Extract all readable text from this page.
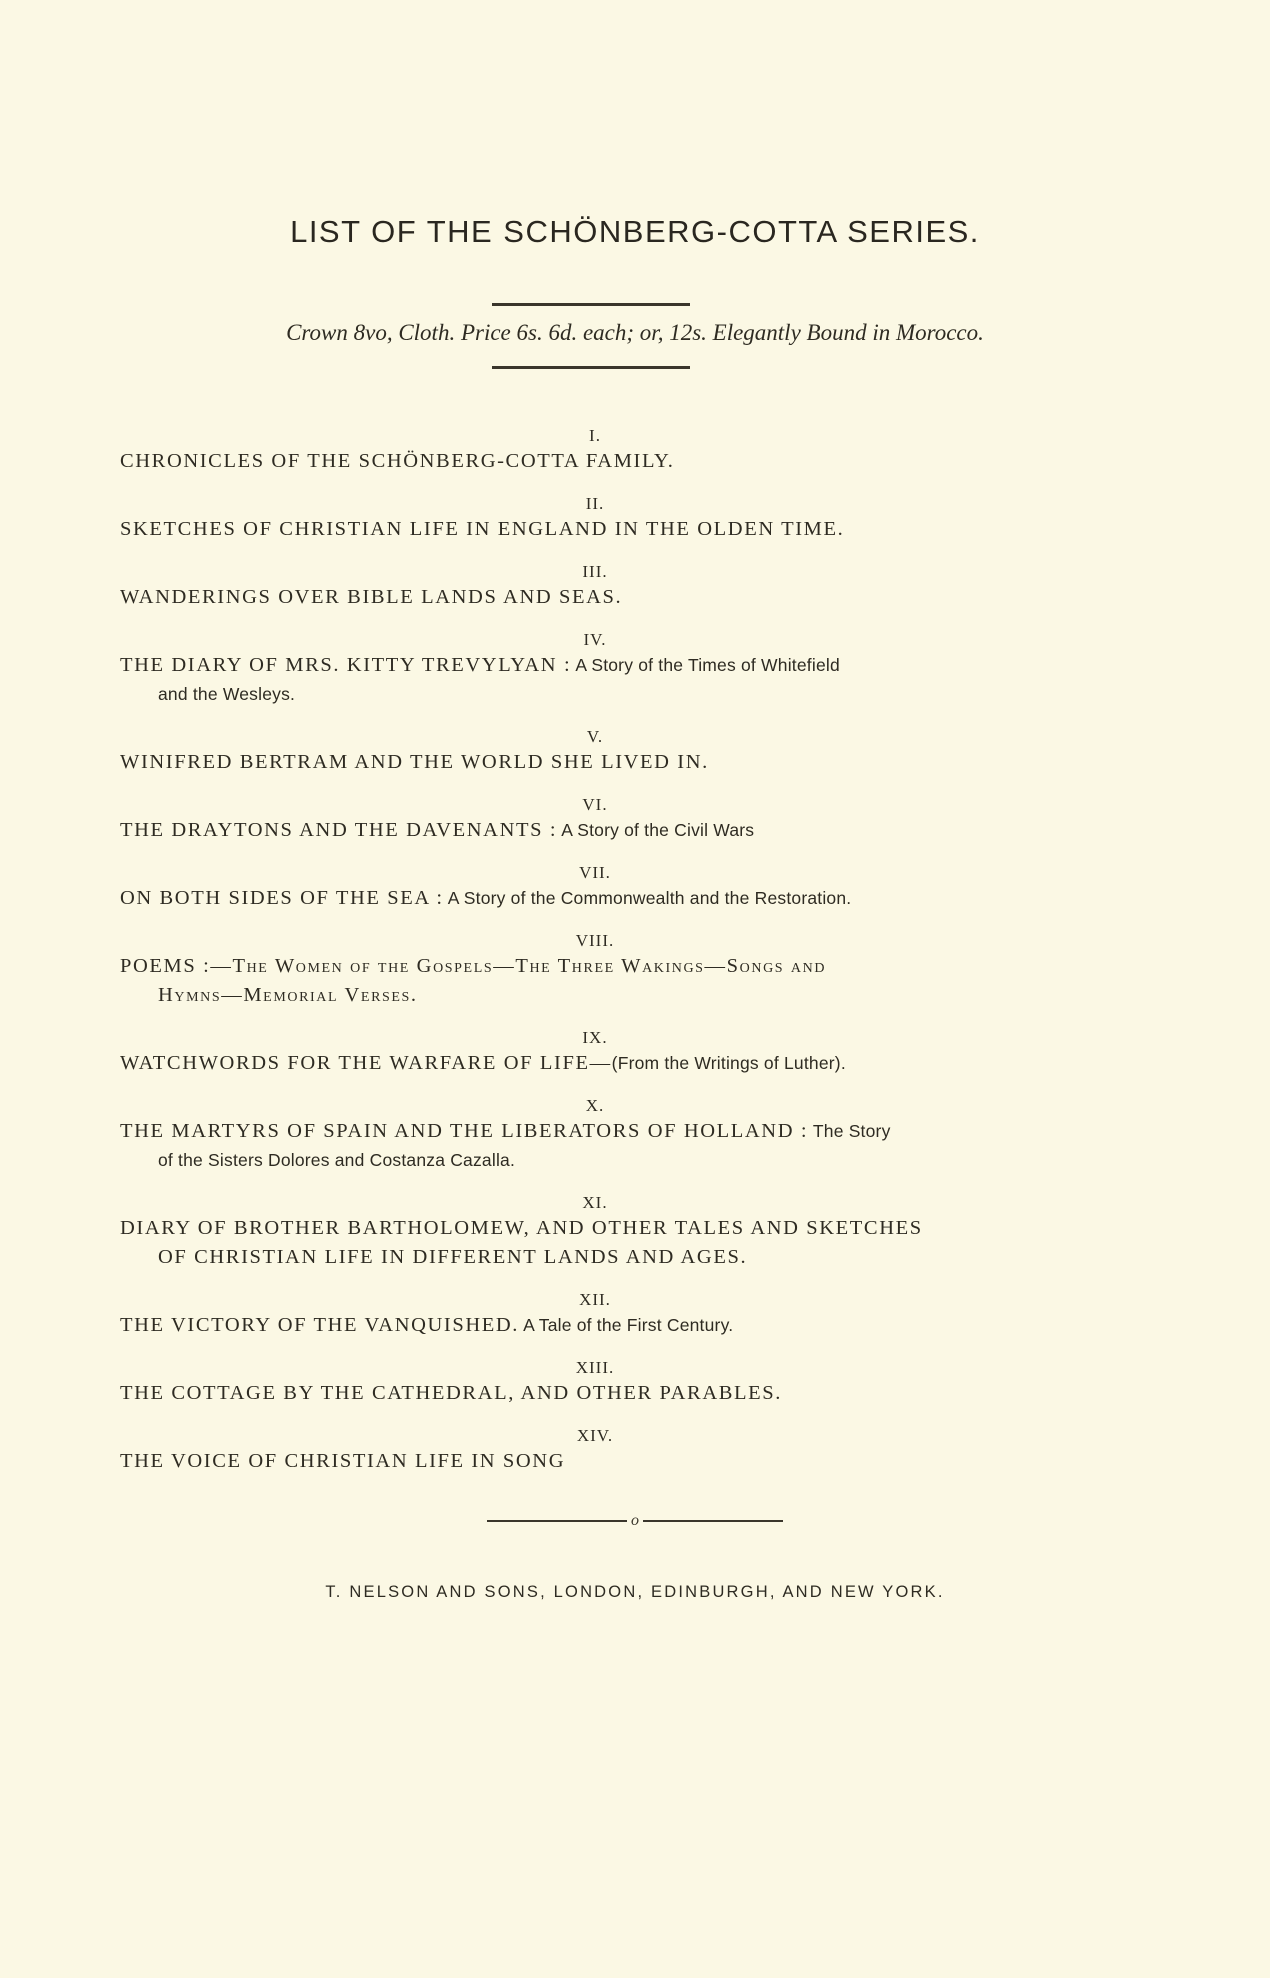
LIST OF THE SCHÖNBERG-COTTA SERIES.
Crown 8vo, Cloth. Price 6s. 6d. each; or, 12s. Elegantly Bound in Morocco.
I.
CHRONICLES OF THE SCHÖNBERG-COTTA FAMILY.
II.
SKETCHES OF CHRISTIAN LIFE IN ENGLAND IN THE OLDEN TIME.
III.
WANDERINGS OVER BIBLE LANDS AND SEAS.
IV.
THE DIARY OF MRS. KITTY TREVYLYAN : A Story of the Times of Whitefield
and the Wesleys.
V.
WINIFRED BERTRAM AND THE WORLD SHE LIVED IN.
VI.
THE DRAYTONS AND THE DAVENANTS : A Story of the Civil Wars
VII.
ON BOTH SIDES OF THE SEA : A Story of the Commonwealth and the Restoration.
VIII.
POEMS :—The Women of the Gospels—The Three Wakings—Songs and
Hymns—Memorial Verses.
IX.
WATCHWORDS FOR THE WARFARE OF LIFE—(From the Writings of Luther).
X.
THE MARTYRS OF SPAIN AND THE LIBERATORS OF HOLLAND : The Story
of the Sisters Dolores and Costanza Cazalla.
XI.
DIARY OF BROTHER BARTHOLOMEW, AND OTHER TALES AND SKETCHES
OF CHRISTIAN LIFE IN DIFFERENT LANDS AND AGES.
XII.
THE VICTORY OF THE VANQUISHED. A Tale of the First Century.
XIII.
THE COTTAGE BY THE CATHEDRAL, AND OTHER PARABLES.
XIV.
THE VOICE OF CHRISTIAN LIFE IN SONG
o
T. NELSON AND SONS, LONDON, EDINBURGH, AND NEW YORK.
